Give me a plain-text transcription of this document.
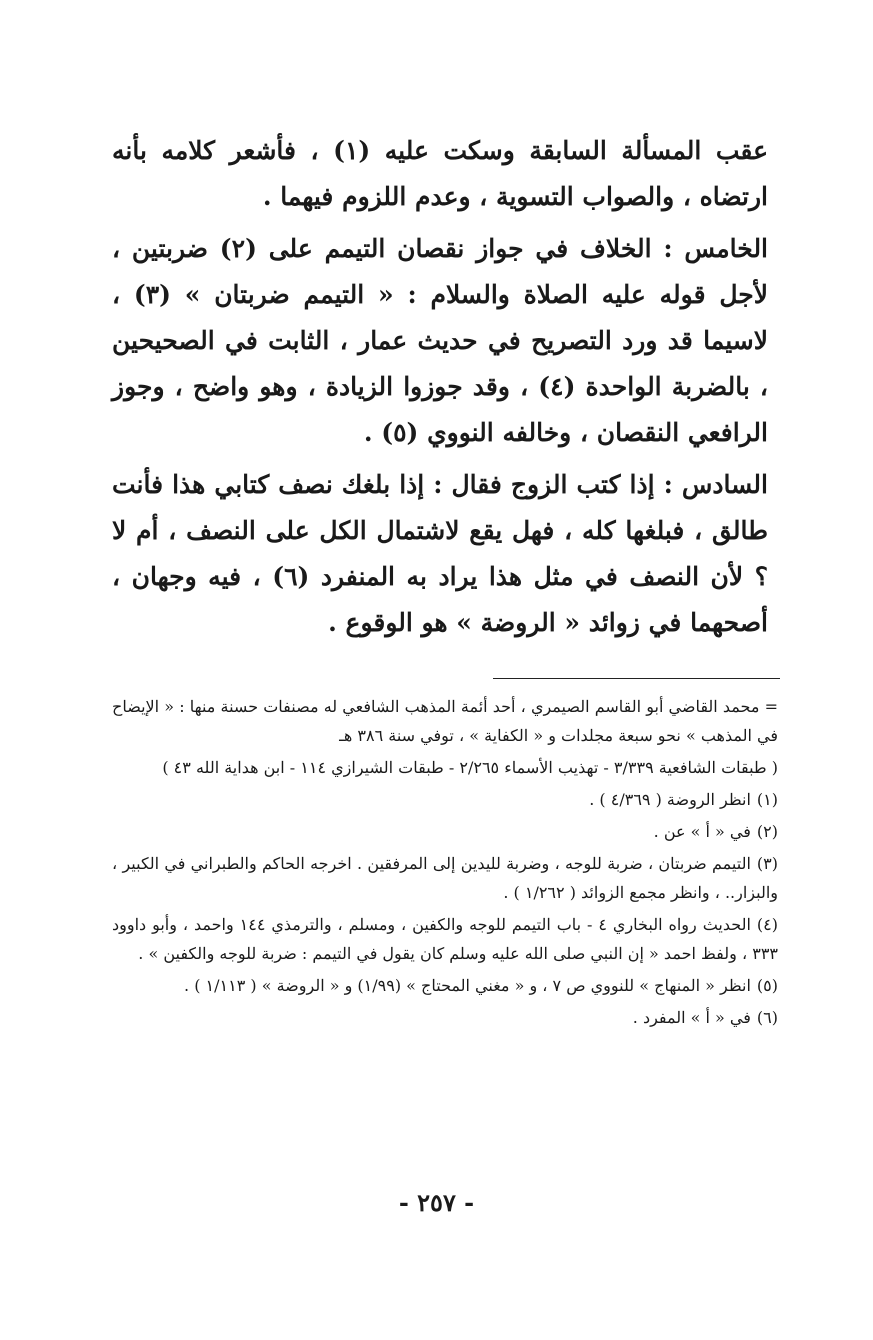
عقب المسألة السابقة وسكت عليه (١) ، فأشعر كلامه بأنه ارتضاه ، والصواب التسوية ، وعدم اللزوم فيهما .

الخامس : الخلاف في جواز نقصان التيمم على (٢) ضربتين ، لأجل قوله عليه الصلاة والسلام : « التيمم ضربتان » (٣) ، لاسيما قد ورد التصريح في حديث عمار ، الثابت في الصحيحين ، بالضربة الواحدة (٤) ، وقد جوزوا الزيادة ، وهو واضح ، وجوز الرافعي النقصان ، وخالفه النووي (٥) .

السادس : إذا كتب الزوج فقال : إذا بلغك نصف كتابي هذا فأنت طالق ، فبلغها كله ، فهل يقع لاشتمال الكل على النصف ، أم لا ؟ لأن النصف في مثل هذا يراد به المنفرد (٦) ، فيه وجهان ، أصحهما في زوائد « الروضة » هو الوقوع .

= محمد القاضي أبو القاسم الصيمري ، أحد أئمة المذهب الشافعي له مصنفات حسنة منها : « الإيضاح في المذهب » نحو سبعة مجلدات و « الكفاية » ، توفي سنة ٣٨٦ هـ
( طبقات الشافعية ٣/٣٣٩ - تهذيب الأسماء ٢/٢٦٥ - طبقات الشيرازي ١١٤ - ابن هداية الله ٤٣ )
(١)انظر الروضة ( ٤/٣٦٩ ) .
(٢)في « أ » عن .
(٣)التيمم ضربتان ، ضربة للوجه ، وضربة لليدين إلى المرفقين . اخرجه الحاكم والطبراني في الكبير ، والبزار.. ، وانظر مجمع الزوائد ( ١/٢٦٢ ) .
(٤)الحديث رواه البخاري ٤ - باب التيمم للوجه والكفين ، ومسلم ، والترمذي ١٤٤ واحمد ، وأبو داوود ٣٣٣ ، ولفظ احمد « إن النبي صلى الله عليه وسلم كان يقول في التيمم : ضربة للوجه والكفين » .
(٥)انظر « المنهاج » للنووي ص ٧ ، و « مغني المحتاج » (١/٩٩) و « الروضة » ( ١/١١٣ ) .
(٦)في « أ » المفرد .
- ٢٥٧ -
